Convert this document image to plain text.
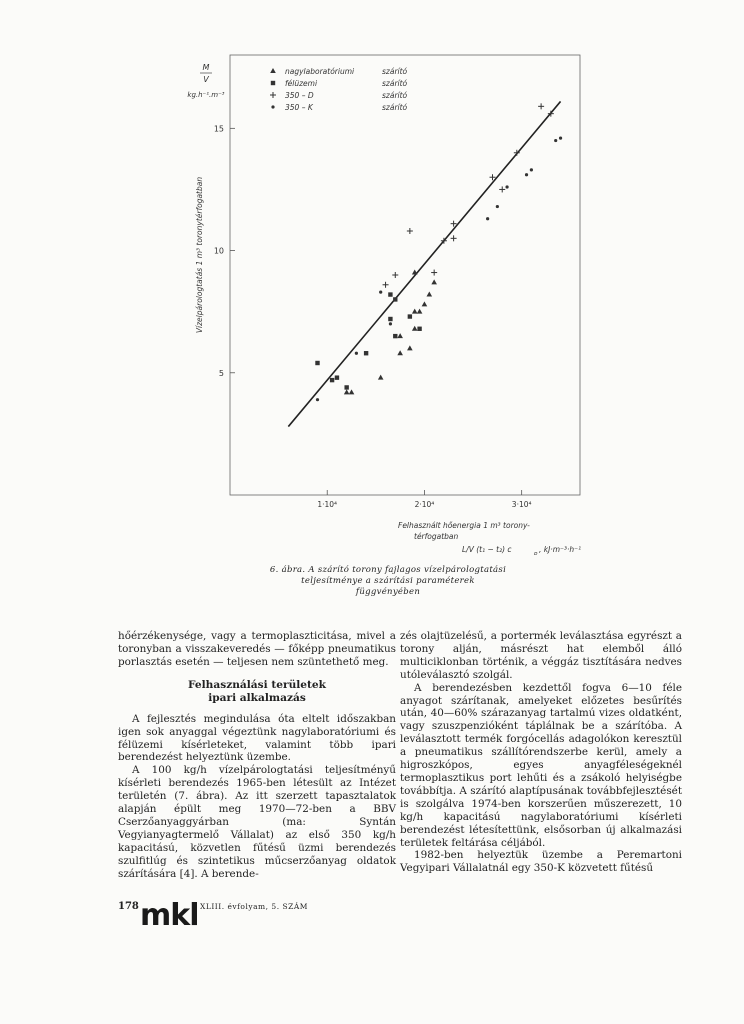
nagylaboratóriumi	szárító
félüzemi	szárító
350 – D	szárító
350 – K	szárító
5
10
15
1·10⁴	2·10⁴	3·10⁴
M
V
kg.h⁻¹.m⁻³
Vízelpárologtatás 1 m³ toronytérfogatban
Felhasznált hőenergia 1 m³ torony-
térfogatban
L/V (t₁ − t₂) c	p , kJ·m⁻³·h⁻¹
6. ábra. A szárító torony fajlagos vízelpárologtatási
teljesítménye a szárítási paraméterek
függvényében

hőérzékenysége, vagy a termoplaszticitása, mivel a toronyban a visszakeveredés — főképp pneumatikus porlasztás esetén — teljesen nem szüntethető meg.

Felhasználási területek
ipari alkalmazás

A fejlesztés megindulása óta eltelt időszakban igen sok anyaggal végeztünk nagylaboratóriumi és félüzemi kísérleteket, valamint több ipari berendezést helyeztünk üzembe.

A 100 kg/h vízelpárologtatási teljesítményű kísérleti berendezés 1965-ben létesült az Intézet területén (7. ábra). Az itt szerzett tapasztalatok alapján épült meg 1970—72-ben a BBV Cserzőanyaggyárban (ma: Syntán Vegyianyagtermelő Vállalat) az első 350 kg/h kapacitású, közvetlen fűtésű üzmi berendezés szulfitlúg és szintetikus műcserzőanyag oldatok szárítására [4]. A berende-

zés olajtüzelésű, a portermék leválasztása egyrészt a torony alján, másrészt hat elemből álló multiciklonban történik, a véggáz tisztítására nedves utóleválasztó szolgál.

A berendezésben kezdettől fogva 6—10 féle anyagot szárítanak, amelyeket előzetes besűrítés után, 40—60% szárazanyag tartalmú vizes oldatként, vagy szuszpenzióként táplálnak be a szárítóba. A leválasztott termék forgócellás adagolókon keresztül a pneumatikus szállítórendszerbe kerül, amely a higroszkópos, egyes anyagféleségeknél termoplasztikus port lehűti és a zsákoló helyiségbe továbbítja. A szárító alaptípusának továbbfejlesztését is szolgálva 1974-ben korszerűen műszerezett, 10 kg/h kapacitású nagylaboratóriumi kísérleti berendezést létesítettünk, elsősorban új alkalmazási területek feltárása céljából.

1982-ben helyeztük üzembe a Peremartoni Vegyipari Vállalatnál egy 350-K közvetett fűtésű

178 mkl XLIII. évfolyam, 5. SZÁM
